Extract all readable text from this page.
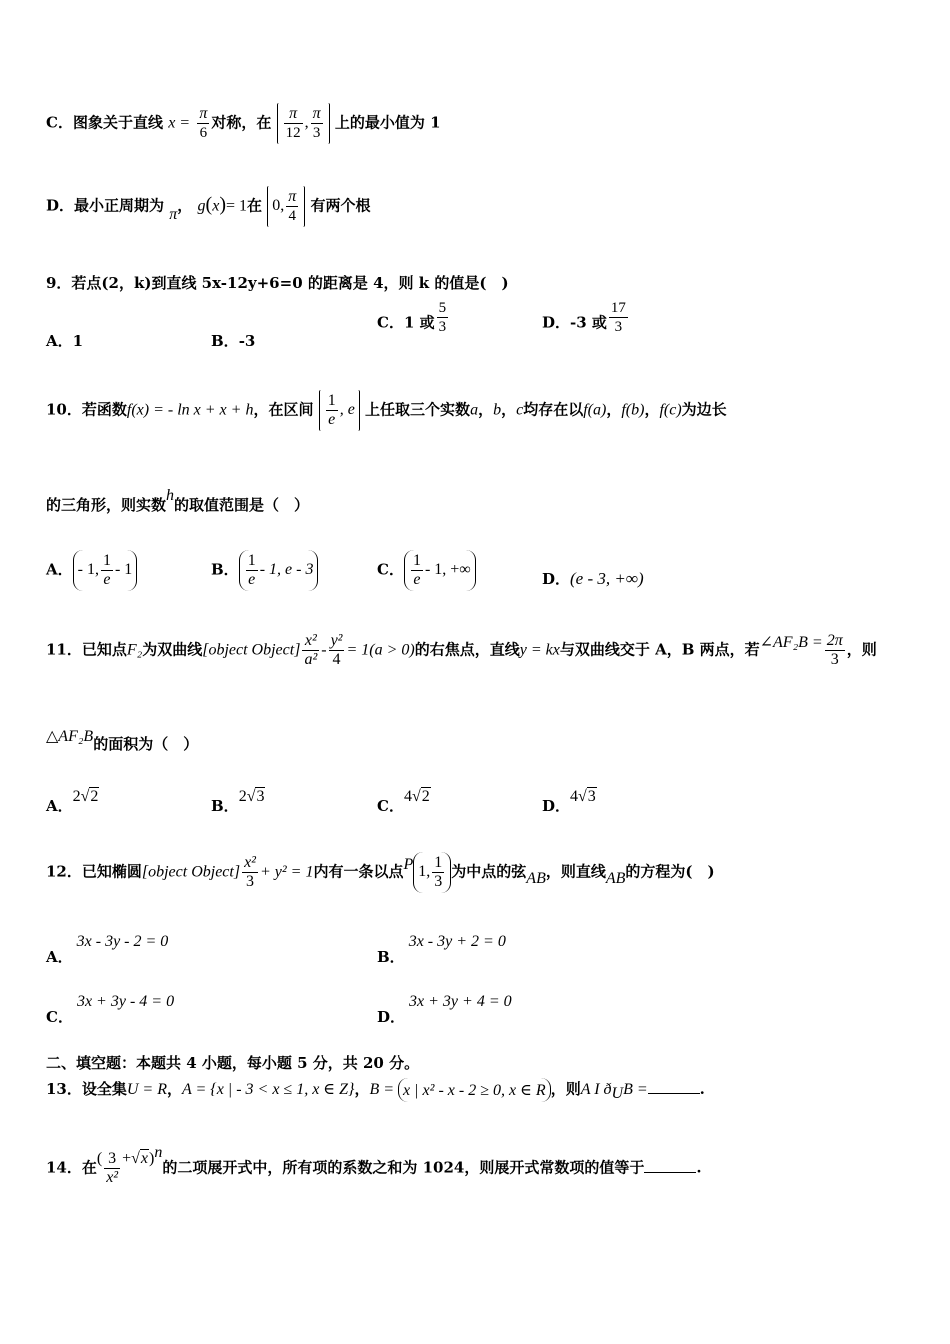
C．图象关于直线 $x = \frac{\pi}{6}$ 对称，在 $\frac{\pi}{12}$ , $\frac{\pi}{3}$ 上的最小值为 1
D．最小正周期为 π， g(x)= 1在 0, $\frac{\pi}{4}$ 有两个根
9．若点(2，k)到直线 5x-12y+6=0 的距离是 4，则 k 的值是(　)
A．1	B．-3
C．1 或 $\frac{5}{3}$	D．-3 或 $\frac{17}{3}$
10．若函数f(x) = - ln x + x + h，在区间 $\frac{1}{e}$ , e 上任取三个实数a，b，c均存在以f(a)，f(b)，f(c)为边长
的三角形，则实数h的取值范围是（　）
A． - 1, $\frac{1}{e} - 1$	B． $\frac{1}{e} - 1$, e - 3	C． $\frac{1}{e} - 1$, +∞
D．(e - 3, +∞)
11．已知点F₂为双曲线[object Object] $\frac{\text{x²}}{\text{a²}} - \frac{\text{y²}}{4} = 1(a > 0)$的右焦点，直线y = kx与双曲线交于 A，B 两点，若∠AF₂B = $\frac{2\pi}{3}$ ，则
△AF₂B的面积为（　）
A．2√2
B．2√3
C．4√2
D．4√3
12．已知椭圆[object Object] $\frac{\text{x²}}{3} + y^2 = 1$内有一条以点P 1, $\frac{1}{3}$ 为中点的弦AB，则直线AB的方程为(　)
A．3x - 3y - 2 = 0
B．3x - 3y + 2 = 0
C．3x + 3y - 4 = 0
D．3x + 3y + 4 = 0
二、填空题：本题共 4 小题，每小题 5 分，共 20 分。
13．设全集U = R，A = {x | - 3 < x ≤ 1, x ∈ Z}，B = x | x² - x - 2 ≥ 0, x ∈ R ，则A I $ð_UB$ =	.
14．在( $\frac{3}{\text{x²}} +√x)^n$的二项展开式中，所有项的系数之和为 1024，则展开式常数项的值等于	.
